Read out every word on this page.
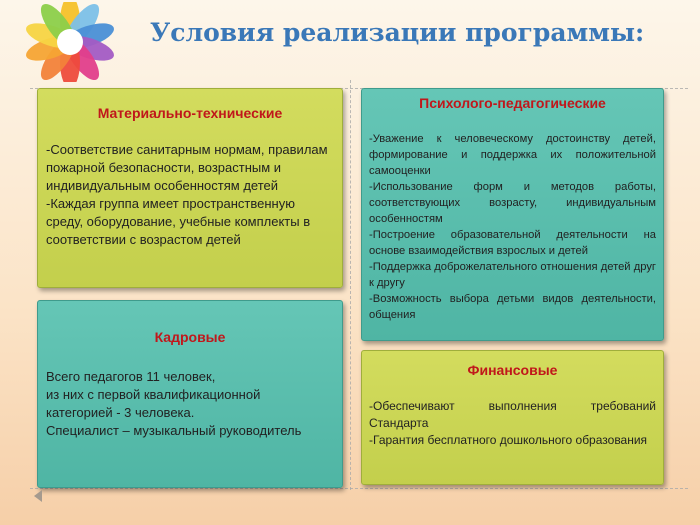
Условия реализации программы:
Материально-технические

-Соответствие санитарным нормам, правилам пожарной безопасности, возрастным и индивидуальным особенностям детей

-Каждая группа имеет пространственную среду, оборудование, учебные комплекты в соответствии с возрастом детей

Психолого-педагогические

-Уважение к человеческому достоинству детей, формирование и поддержка их положительной самооценки

-Использование форм и методов работы, соответствующих возрасту, индивидуальным особенностям

-Построение образовательной деятельности на основе взаимодействия взрослых и детей

-Поддержка доброжелательного отношения детей друг к другу

-Возможность выбора детьми видов деятельности, общения

Кадровые

Всего педагогов 11 человек,

из них с первой квалификационной

категорией - 3 человека.

Специалист – музыкальный руководитель

Финансовые

-Обеспечивают выполнения требований Стандарта

-Гарантия бесплатного дошкольного образования
